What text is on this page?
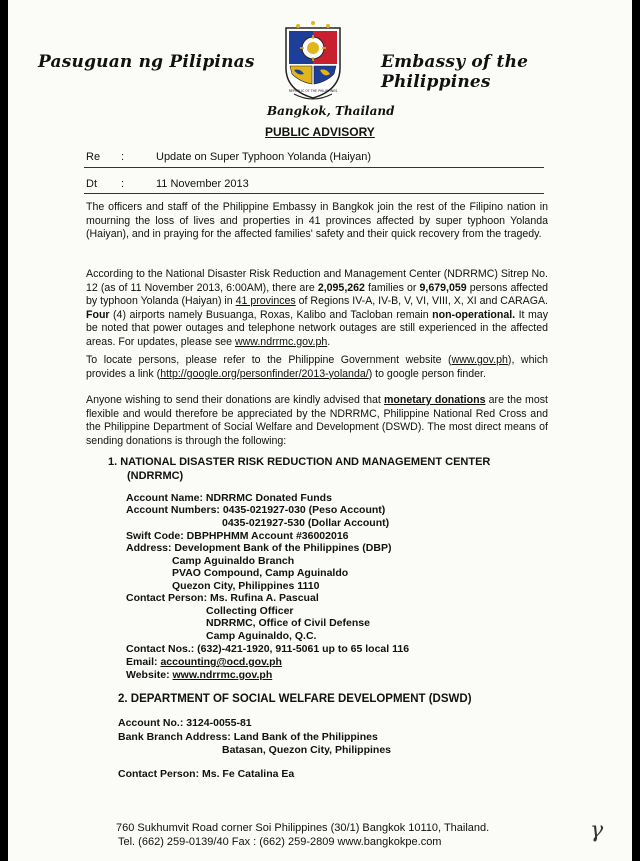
Pasuguan ng Pilipinas	Embassy of the Philippines
REPUBLIC OF THE PHILIPPINES
Bangkok, Thailand
PUBLIC ADVISORY
Re :	Update on Super Typhoon Yolanda (Haiyan)
Dt :	11 November 2013
The officers and staff of the Philippine Embassy in Bangkok join the rest of the Filipino nation in mourning the loss of lives and properties in 41 provinces affected by super typhoon Yolanda (Haiyan), and in praying for the affected families' safety and their quick recovery from the tragedy.
According to the National Disaster Risk Reduction and Management Center (NDRRMC) Sitrep No. 12 (as of 11 November 2013, 6:00AM), there are 2,095,262 families or 9,679,059 persons affected by typhoon Yolanda (Haiyan) in 41 provinces of Regions IV-A, IV-B, V, VI, VIII, X, XI and CARAGA. Four (4) airports namely Busuanga, Roxas, Kalibo and Tacloban remain non-operational. It may be noted that power outages and telephone network outages are still experienced in the affected areas. For updates, please see www.ndrrmc.gov.ph.
To locate persons, please refer to the Philippine Government website (www.gov.ph), which provides a link (http://google.org/personfinder/2013-yolanda/) to google person finder.
Anyone wishing to send their donations are kindly advised that monetary donations are the most flexible and would therefore be appreciated by the NDRRMC, Philippine National Red Cross and the Philippine Department of Social Welfare and Development (DSWD). The most direct means of sending donations is through the following:
1. NATIONAL DISASTER RISK REDUCTION AND MANAGEMENT CENTER
(NDRRMC)
Account Name: NDRRMC Donated Funds
Account Numbers: 0435-021927-030 (Peso Account)
0435-021927-530 (Dollar Account)
Swift Code: DBPHPHMM Account #36002016
Address: Development Bank of the Philippines (DBP)
Camp Aguinaldo Branch
PVAO Compound, Camp Aguinaldo
Quezon City, Philippines 1110
Contact Person: Ms. Rufina A. Pascual
Collecting Officer
NDRRMC, Office of Civil Defense
Camp Aguinaldo, Q.C.
Contact Nos.: (632)-421-1920, 911-5061 up to 65 local 116
Email: accounting@ocd.gov.ph
Website: www.ndrrmc.gov.ph
2. DEPARTMENT OF SOCIAL WELFARE DEVELOPMENT (DSWD)
Account No.: 3124-0055-81
Bank Branch Address: Land Bank of the Philippines
Batasan, Quezon City, Philippines
Contact Person: Ms. Fe Catalina Ea
760 Sukhumvit Road corner Soi Philippines (30/1) Bangkok 10110, Thailand.
Tel. (662) 259-0139/40 Fax : (662) 259-2809 www.bangkokpe.com	γ
